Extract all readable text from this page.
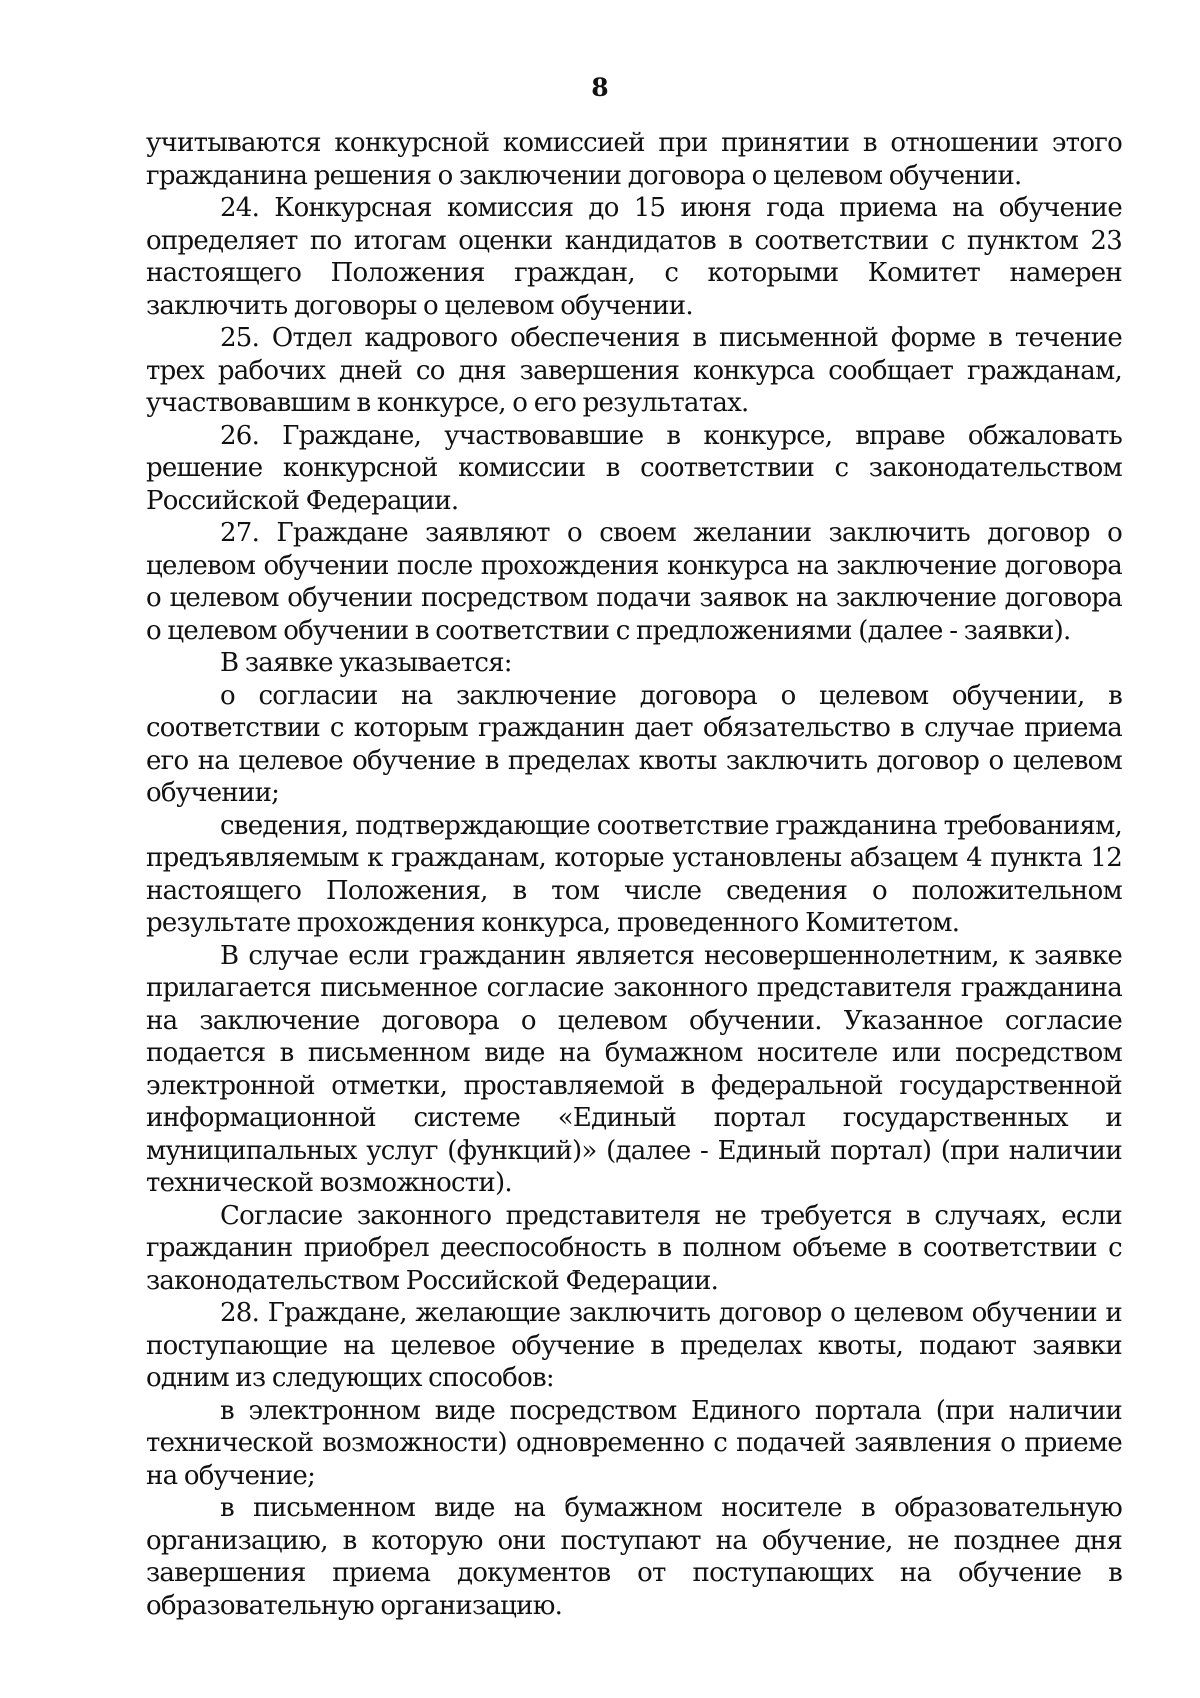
8

учитываются конкурсной комиссией при принятии в отношении этого гражданина решения о заключении договора о целевом обучении.

24. Конкурсная комиссия до 15 июня года приема на обучение определяет по итогам оценки кандидатов в соответствии с пунктом 23 настоящего Положения граждан, с которыми Комитет намерен заключить договоры о целевом обучении.

25. Отдел кадрового обеспечения в письменной форме в течение трех рабочих дней со дня завершения конкурса сообщает гражданам, участвовавшим в конкурсе, о его результатах.

26. Граждане, участвовавшие в конкурсе, вправе обжаловать решение конкурсной комиссии в соответствии с законодательством Российской Федерации.

27. Граждане заявляют о своем желании заключить договор о целевом обучении после прохождения конкурса на заключение договора о целевом обучении посредством подачи заявок на заключение договора о целевом обучении в соответствии с предложениями (далее - заявки).

В заявке указывается:

о согласии на заключение договора о целевом обучении, в соответствии с которым гражданин дает обязательство в случае приема его на целевое обучение в пределах квоты заключить договор о целевом обучении;

сведения, подтверждающие соответствие гражданина требованиям, предъявляемым к гражданам, которые установлены абзацем 4 пункта 12 настоящего Положения, в том числе сведения о положительном результате прохождения конкурса, проведенного Комитетом.

В случае если гражданин является несовершеннолетним, к заявке прилагается письменное согласие законного представителя гражданина на заключение договора о целевом обучении. Указанное согласие подается в письменном виде на бумажном носителе или посредством электронной отметки, проставляемой в федеральной государственной информационной системе «Единый портал государственных и муниципальных услуг (функций)» (далее - Единый портал) (при наличии технической возможности).

Согласие законного представителя не требуется в случаях, если гражданин приобрел дееспособность в полном объеме в соответствии с законодательством Российской Федерации.

28. Граждане, желающие заключить договор о целевом обучении и поступающие на целевое обучение в пределах квоты, подают заявки одним из следующих способов:

в электронном виде посредством Единого портала (при наличии технической возможности) одновременно с подачей заявления о приеме на обучение;

в письменном виде на бумажном носителе в образовательную организацию, в которую они поступают на обучение, не позднее дня завершения приема документов от поступающих на обучение в образовательную организацию.
